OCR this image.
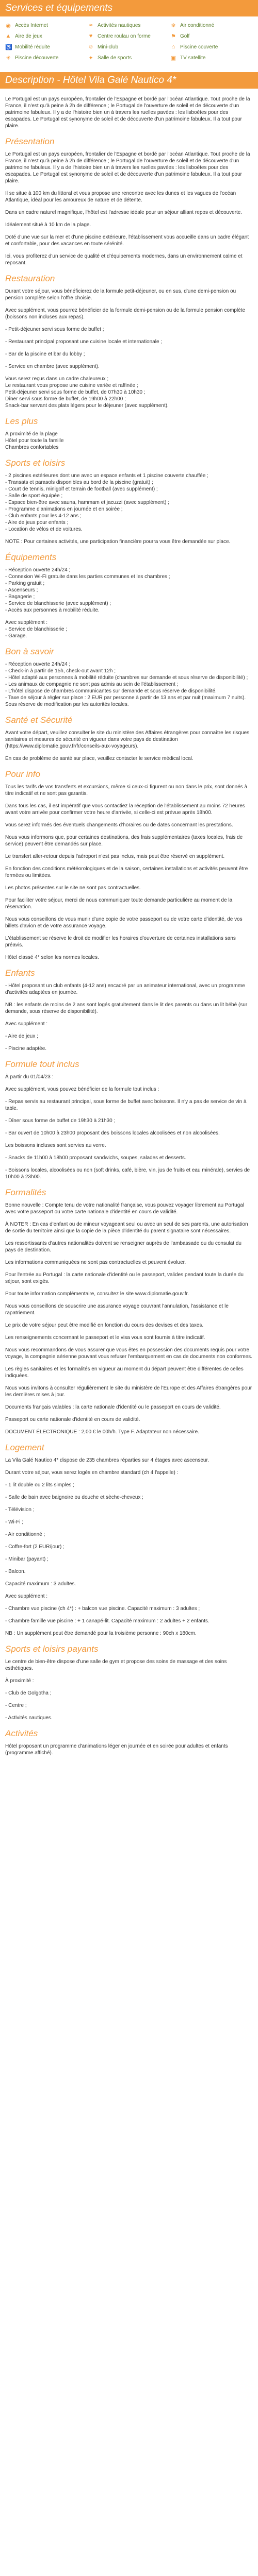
Services et équipements
◉ Accès Internet	≈ Activités nautiques	❄ Air conditionné
▲ Aire de jeux	♥ Centre roulau on forme	⚑ Golf
♿ Mobilité réduite	☺ Mini-club	⌂ Piscine couverte
☀ Piscine découverte	✦ Salle de sports	▣ TV satellite
Description - Hôtel Vila Galé Nautico 4*

Le Portugal est un pays européen, frontalier de l'Espagne et bordé par l'océan Atlantique. Tout proche de la France, il n'est qu'à peine à 2h de différence ; le Portugal de l'ouverture de soleil et de découverte d'un patrimoine fabuleux. Il y a de l'histoire bien un à travers les ruelles pavées : les lisboètes pour des escapades. Le Portugal est synonyme de soleil et de découverte d'un patrimoine fabuleux. Il a tout pour plaire.

Présentation

Le Portugal est un pays européen, frontalier de l'Espagne et bordé par l'océan Atlantique. Tout proche de la France, il n'est qu'à peine à 2h de différence ; le Portugal de l'ouverture de soleil et de découverte d'un patrimoine fabuleux. Il y a de l'histoire bien un à travers les ruelles pavées : les lisboètes pour des escapades. Le Portugal est synonyme de soleil et de découverte d'un patrimoine fabuleux. Il a tout pour plaire.

Il se situe à 100 km du littoral et vous propose une rencontre avec les dunes et les vagues de l'océan Atlantique, idéal pour les amoureux de nature et de détente.

Dans un cadre naturel magnifique, l'hôtel est l'adresse idéale pour un séjour alliant repos et découverte.

Idéalement situé à 10 km de la plage.

Doté d'une vue sur la mer et d'une piscine extérieure, l'établissement vous accueille dans un cadre élégant et confortable, pour des vacances en toute sérénité.

Ici, vous profiterez d'un service de qualité et d'équipements modernes, dans un environnement calme et reposant.

Restauration

Durant votre séjour, vous bénéficierez de la formule petit-déjeuner, ou en sus, d'une demi-pension ou pension complète selon l'offre choisie.

Avec supplément, vous pourrez bénéficier de la formule demi-pension ou de la formule pension complète (boissons non incluses aux repas).

- Petit-déjeuner servi sous forme de buffet ;

- Restaurant principal proposant une cuisine locale et internationale ;

- Bar de la piscine et bar du lobby ;

- Service en chambre (avec supplément).

Vous serez reçus dans un cadre chaleureux ;
Le restaurant vous propose une cuisine variée et raffinée ;
Petit-déjeuner servi sous forme de buffet, de 07h30 à 10h30 ;
Dîner servi sous forme de buffet, de 19h00 à 22h00 ;
Snack-bar servant des plats légers pour le déjeuner (avec supplément).
Les plus
À proximité de la plage
Hôtel pour toute la famille
Chambres confortables
Sports et loisirs
- 2 piscines extérieures dont une avec un espace enfants et 1 piscine couverte chauffée ;
- Transats et parasols disponibles au bord de la piscine (gratuit) ;
- Court de tennis, minigolf et terrain de football (avec supplément) ;
- Salle de sport équipée ;
- Espace bien-être avec sauna, hammam et jacuzzi (avec supplément) ;
- Programme d'animations en journée et en soirée ;
- Club enfants pour les 4-12 ans ;
- Aire de jeux pour enfants ;
- Location de vélos et de voitures.

NOTE : Pour certaines activités, une participation financière pourra vous être demandée sur place.

Équipements
- Réception ouverte 24h/24 ;
- Connexion Wi-Fi gratuite dans les parties communes et les chambres ;
- Parking gratuit ;
- Ascenseurs ;
- Bagagerie ;
- Service de blanchisserie (avec supplément) ;
- Accès aux personnes à mobilité réduite.
Avec supplément :
- Service de blanchisserie ;
- Garage.
Bon à savoir
- Réception ouverte 24h/24 ;
- Check-in à partir de 15h, check-out avant 12h ;
- Hôtel adapté aux personnes à mobilité réduite (chambres sur demande et sous réserve de disponibilité) ;
- Les animaux de compagnie ne sont pas admis au sein de l'établissement ;
- L'hôtel dispose de chambres communicantes sur demande et sous réserve de disponibilité.
- Taxe de séjour à régler sur place : 2 EUR par personne à partir de 13 ans et par nuit (maximum 7 nuits). Sous réserve de modification par les autorités locales.
Santé et Sécurité

Avant votre départ, veuillez consulter le site du ministère des Affaires étrangères pour connaître les risques sanitaires et mesures de sécurité en vigueur dans votre pays de destination (https://www.diplomatie.gouv.fr/fr/conseils-aux-voyageurs).

En cas de problème de santé sur place, veuillez contacter le service médical local.

Pour info

Tous les tarifs de vos transferts et excursions, même si ceux-ci figurent ou non dans le prix, sont donnés à titre indicatif et ne sont pas garantis.

Dans tous les cas, il est impératif que vous contactiez la réception de l'établissement au moins 72 heures avant votre arrivée pour confirmer votre heure d'arrivée, si celle-ci est prévue après 18h00.

Vous serez informés des éventuels changements d'horaires ou de dates concernant les prestations.

Nous vous informons que, pour certaines destinations, des frais supplémentaires (taxes locales, frais de service) peuvent être demandés sur place.

Le transfert aller-retour depuis l'aéroport n'est pas inclus, mais peut être réservé en supplément.

En fonction des conditions météorologiques et de la saison, certaines installations et activités peuvent être fermées ou limitées.

Les photos présentes sur le site ne sont pas contractuelles.

Pour faciliter votre séjour, merci de nous communiquer toute demande particulière au moment de la réservation.

Nous vous conseillons de vous munir d'une copie de votre passeport ou de votre carte d'identité, de vos billets d'avion et de votre assurance voyage.

L'établissement se réserve le droit de modifier les horaires d'ouverture de certaines installations sans préavis.

Hôtel classé 4* selon les normes locales.

Enfants

- Hôtel proposant un club enfants (4-12 ans) encadré par un animateur international, avec un programme d'activités adaptées en journée.

NB : les enfants de moins de 2 ans sont logés gratuitement dans le lit des parents ou dans un lit bébé (sur demande, sous réserve de disponibilité).

Avec supplément :

- Aire de jeux ;

- Piscine adaptée.

Formule tout inclus

À partir du 01/04/23 :

Avec supplément, vous pouvez bénéficier de la formule tout inclus :

- Repas servis au restaurant principal, sous forme de buffet avec boissons. Il n'y a pas de service de vin à table.

- Dîner sous forme de buffet de 19h30 à 21h30 ;

- Bar ouvert de 10h00 à 23h00 proposant des boissons locales alcoolisées et non alcoolisées.

Les boissons incluses sont servies au verre.

- Snacks de 11h00 à 18h00 proposant sandwichs, soupes, salades et desserts.

- Boissons locales, alcoolisées ou non (soft drinks, café, bière, vin, jus de fruits et eau minérale), servies de 10h00 à 23h00.

Formalités

Bonne nouvelle : Compte tenu de votre nationalité française, vous pouvez voyager librement au Portugal avec votre passeport ou votre carte nationale d'identité en cours de validité.

À NOTER : En cas d'enfant ou de mineur voyageant seul ou avec un seul de ses parents, une autorisation de sortie du territoire ainsi que la copie de la pièce d'identité du parent signataire sont nécessaires.

Les ressortissants d'autres nationalités doivent se renseigner auprès de l'ambassade ou du consulat du pays de destination.

Les informations communiquées ne sont pas contractuelles et peuvent évoluer.

Pour l'entrée au Portugal : la carte nationale d'identité ou le passeport, valides pendant toute la durée du séjour, sont exigés.

Pour toute information complémentaire, consultez le site www.diplomatie.gouv.fr.

Nous vous conseillons de souscrire une assurance voyage couvrant l'annulation, l'assistance et le rapatriement.

Le prix de votre séjour peut être modifié en fonction du cours des devises et des taxes.

Les renseignements concernant le passeport et le visa vous sont fournis à titre indicatif.

Nous vous recommandons de vous assurer que vous êtes en possession des documents requis pour votre voyage, la compagnie aérienne pouvant vous refuser l'embarquement en cas de documents non conformes.

Les règles sanitaires et les formalités en vigueur au moment du départ peuvent être différentes de celles indiquées.

Nous vous invitons à consulter régulièrement le site du ministère de l'Europe et des Affaires étrangères pour les dernières mises à jour.

Documents français valables : la carte nationale d'identité ou le passeport en cours de validité.

Passeport ou carte nationale d'identité en cours de validité.

DOCUMENT ÉLECTRONIQUE : 2,00 € le 00h/h. Type F. Adaptateur non nécessaire.

Logement

La Vila Galé Nautico 4* dispose de 235 chambres réparties sur 4 étages avec ascenseur.

Durant votre séjour, vous serez logés en chambre standard (ch 4 l'appelle) :

- 1 lit double ou 2 lits simples ;

- Salle de bain avec baignoire ou douche et sèche-cheveux ;

- Télévision ;

- Wi-Fi ;

- Air conditionné ;

- Coffre-fort (2 EUR/jour) ;

- Minibar (payant) ;

- Balcon.

Capacité maximum : 3 adultes.

Avec supplément :

- Chambre vue piscine (ch 4*) : + balcon vue piscine. Capacité maximum : 3 adultes ;

- Chambre famille vue piscine : + 1 canapé-lit. Capacité maximum : 2 adultes + 2 enfants.

NB : Un supplément peut être demandé pour la troisième personne : 90ch x 180cm.

Sports et loisirs payants

Le centre de bien-être dispose d'une salle de gym et propose des soins de massage et des soins esthétiques.

À proximité :

- Club de Golgotha ;

- Centre ;

- Activités nautiques.

Activités

Hôtel proposant un programme d'animations léger en journée et en soirée pour adultes et enfants (programme affiché).
